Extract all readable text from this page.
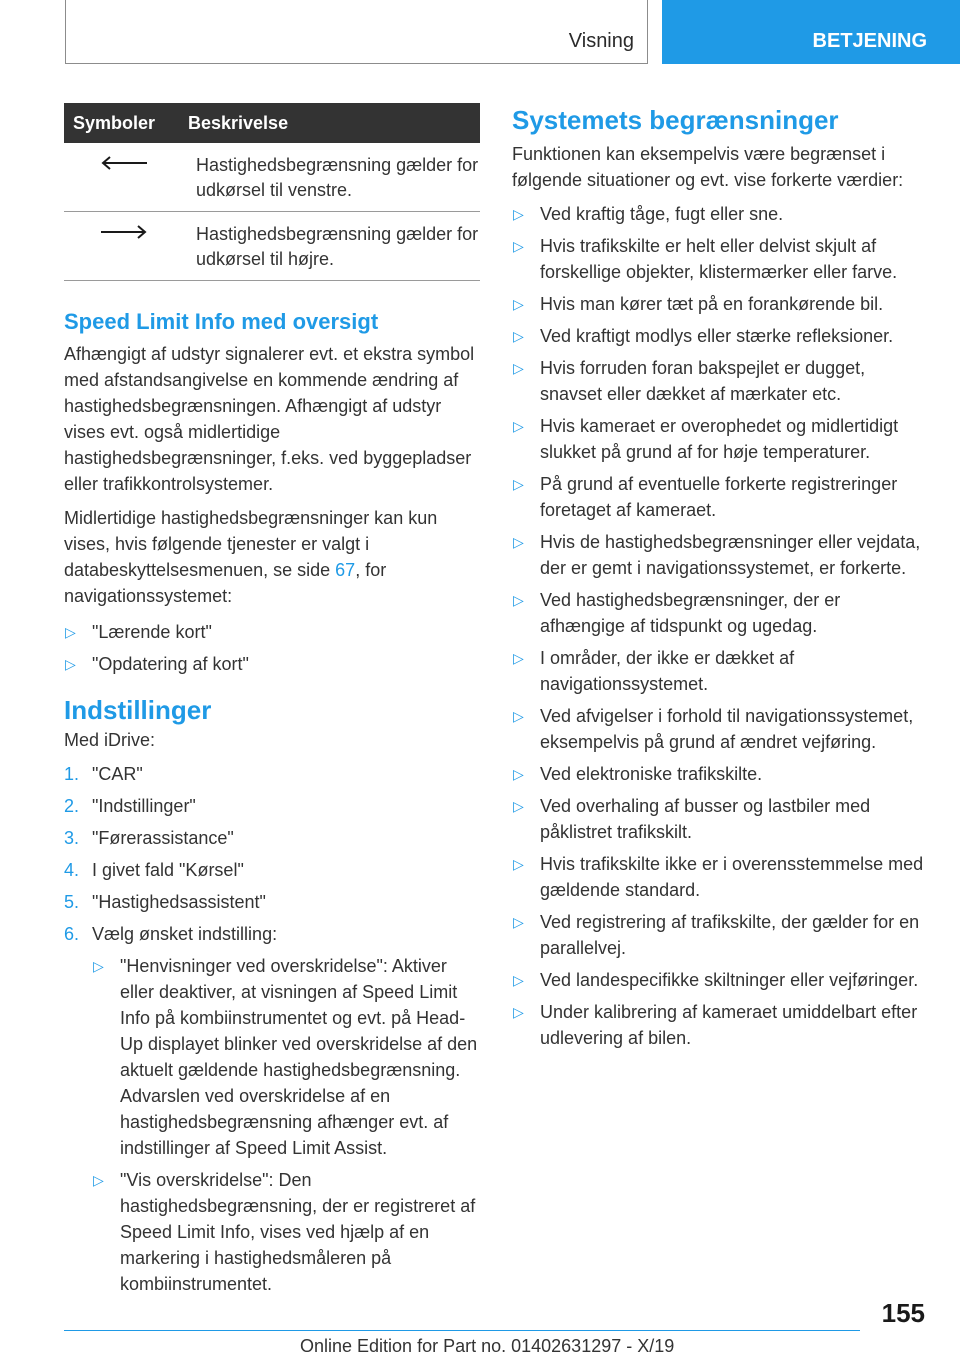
Visning	BETJENING
Symboler	Beskrivelse
	Hastighedsbegrænsning gælder for udkørsel til venstre.
	Hastighedsbegrænsning gælder for udkørsel til højre.
Speed Limit Info med oversigt

Afhængigt af udstyr signalerer evt. et ekstra symbol med afstandsangivelse en kommende ændring af hastighedsbegrænsningen. Afhængigt af udstyr vises evt. også midlertidige hastighedsbegrænsninger, f.eks. ved byggepladser eller trafikkontrolsystemer.

Midlertidige hastighedsbegrænsninger kan kun vises, hvis følgende tjenester er valgt i databeskyttelsesmenuen, se side 67, for navigationssystemet:

▷ "Lærende kort"
▷ "Opdatering af kort"
Indstillinger

Med iDrive:

1. "CAR"
2. "Indstillinger"
3. "Førerassistance"
4. I givet fald "Kørsel"
5. "Hastighedsassistent"
6. Vælg ønsket indstilling:
▷ "Henvisninger ved overskridelse": Aktiver eller deaktiver, at visningen af Speed Limit Info på kombiinstrumentet og evt. på Head-Up displayet blinker ved overskridelse af den aktuelt gældende hastighedsbegrænsning. Advarslen ved overskridelse af en hastighedsbegrænsning afhænger evt. af indstillinger af Speed Limit Assist.
▷ "Vis overskridelse": Den hastighedsbegrænsning, der er registreret af Speed Limit Info, vises ved hjælp af en markering i hastighedsmåleren på kombiinstrumentet.
Systemets begrænsninger

Funktionen kan eksempelvis være begrænset i følgende situationer og evt. vise forkerte værdier:

▷ Ved kraftig tåge, fugt eller sne.
▷ Hvis trafikskilte er helt eller delvist skjult af forskellige objekter, klistermærker eller farve.
▷ Hvis man kører tæt på en forankørende bil.
▷ Ved kraftigt modlys eller stærke refleksioner.
▷ Hvis forruden foran bakspejlet er dugget, snavset eller dækket af mærkater etc.
▷ Hvis kameraet er overophedet og midlertidigt slukket på grund af for høje temperaturer.
▷ På grund af eventuelle forkerte registreringer foretaget af kameraet.
▷ Hvis de hastighedsbegrænsninger eller vejdata, der er gemt i navigationssystemet, er forkerte.
▷ Ved hastighedsbegrænsninger, der er afhængige af tidspunkt og ugedag.
▷ I områder, der ikke er dækket af navigationssystemet.
▷ Ved afvigelser i forhold til navigationssystemet, eksempelvis på grund af ændret vejføring.
▷ Ved elektroniske trafikskilte.
▷ Ved overhaling af busser og lastbiler med påklistret trafikskilt.
▷ Hvis trafikskilte ikke er i overensstemmelse med gældende standard.
▷ Ved registrering af trafikskilte, der gælder for en parallelvej.
▷ Ved landespecifikke skiltninger eller vejføringer.
▷ Under kalibrering af kameraet umiddelbart efter udlevering af bilen.
155
Online Edition for Part no. 01402631297 - X/19
